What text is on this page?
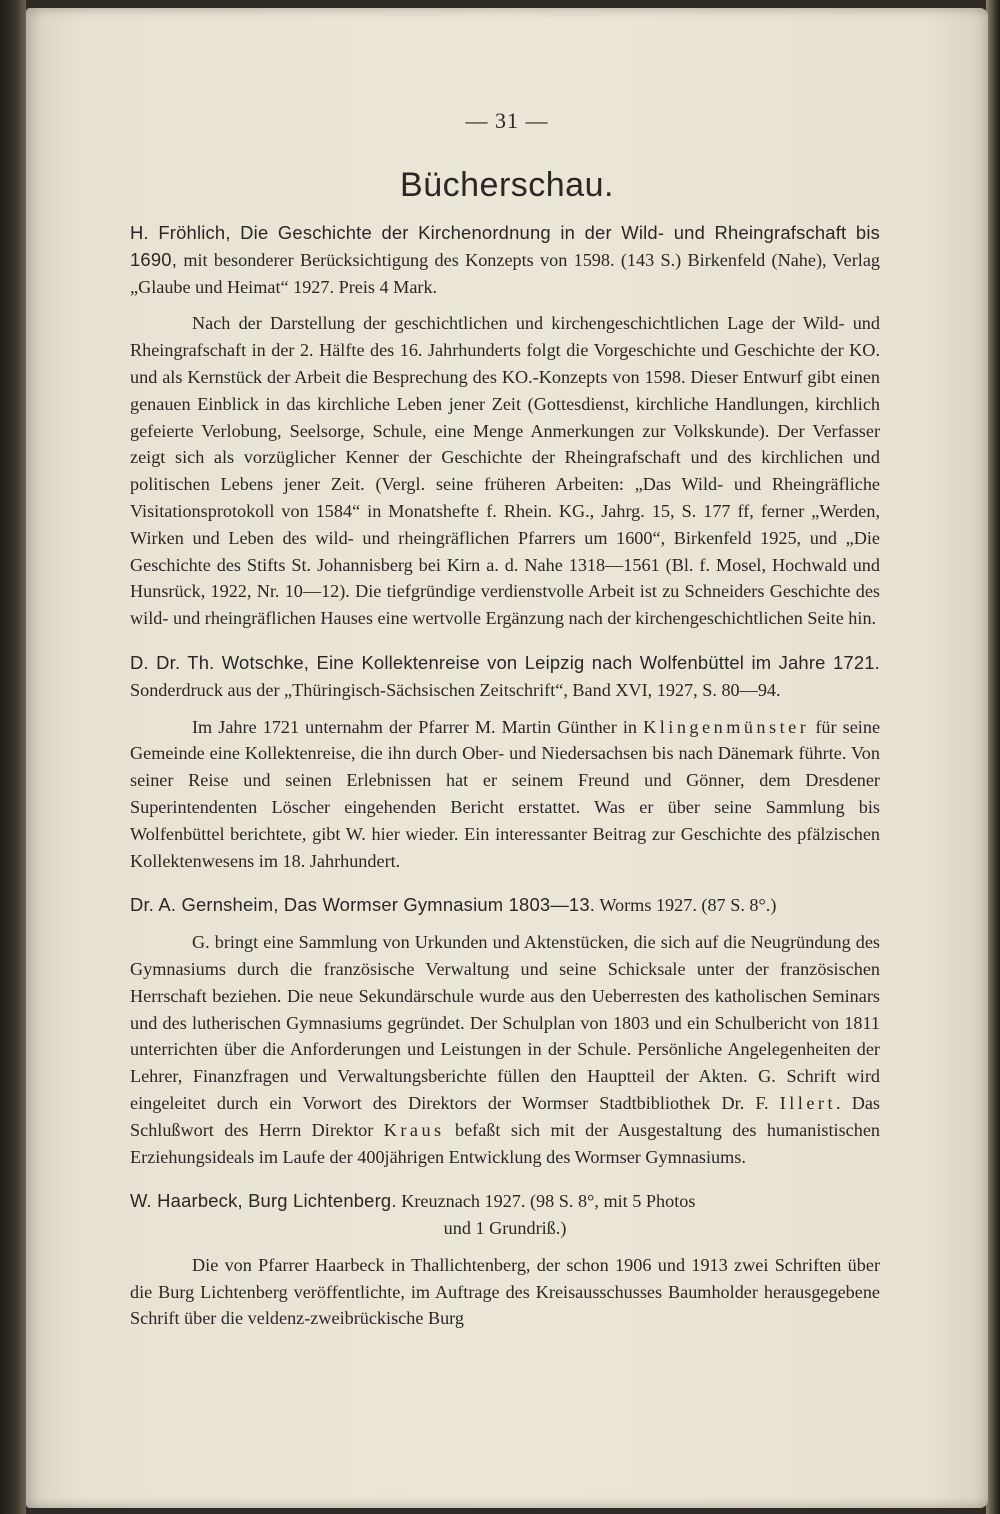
— 31 —
Bücherschau.

H. Fröhlich, Die Geschichte der Kirchenordnung in der Wild- und Rheingrafschaft bis 1690, mit besonderer Berücksichtigung des Konzepts von 1598. (143 S.) Birkenfeld (Nahe), Verlag „Glaube und Heimat“ 1927. Preis 4 Mark.

Nach der Darstellung der geschichtlichen und kirchengeschichtlichen Lage der Wild- und Rheingrafschaft in der 2. Hälfte des 16. Jahrhunderts folgt die Vorgeschichte und Geschichte der KO. und als Kernstück der Arbeit die Besprechung des KO.-Konzepts von 1598. Dieser Entwurf gibt einen genauen Einblick in das kirchliche Leben jener Zeit (Gottesdienst, kirchliche Handlungen, kirchlich gefeierte Verlobung, Seelsorge, Schule, eine Menge Anmerkungen zur Volkskunde). Der Verfasser zeigt sich als vorzüglicher Kenner der Geschichte der Rheingrafschaft und des kirchlichen und politischen Lebens jener Zeit. (Vergl. seine früheren Arbeiten: „Das Wild- und Rheingräfliche Visitationsprotokoll von 1584“ in Monatshefte f. Rhein. KG., Jahrg. 15, S. 177 ff, ferner „Werden, Wirken und Leben des wild- und rheingräflichen Pfarrers um 1600“, Birkenfeld 1925, und „Die Geschichte des Stifts St. Johannisberg bei Kirn a. d. Nahe 1318—1561 (Bl. f. Mosel, Hochwald und Hunsrück, 1922, Nr. 10—12). Die tiefgründige verdienstvolle Arbeit ist zu Schneiders Geschichte des wild- und rheingräflichen Hauses eine wertvolle Ergänzung nach der kirchengeschichtlichen Seite hin.

D. Dr. Th. Wotschke, Eine Kollektenreise von Leipzig nach Wolfenbüttel im Jahre 1721. Sonderdruck aus der „Thüringisch-Sächsischen Zeitschrift“, Band XVI, 1927, S. 80—94.

Im Jahre 1721 unternahm der Pfarrer M. Martin Günther in Klingenmünster für seine Gemeinde eine Kollektenreise, die ihn durch Ober- und Niedersachsen bis nach Dänemark führte. Von seiner Reise und seinen Erlebnissen hat er seinem Freund und Gönner, dem Dresdener Superintendenten Löscher eingehenden Bericht erstattet. Was er über seine Sammlung bis Wolfenbüttel berichtete, gibt W. hier wieder. Ein interessanter Beitrag zur Geschichte des pfälzischen Kollektenwesens im 18. Jahrhundert.

Dr. A. Gernsheim, Das Wormser Gymnasium 1803—13. Worms 1927. (87 S. 8°.)

G. bringt eine Sammlung von Urkunden und Aktenstücken, die sich auf die Neugründung des Gymnasiums durch die französische Verwaltung und seine Schicksale unter der französischen Herrschaft beziehen. Die neue Sekundärschule wurde aus den Ueberresten des katholischen Seminars und des lutherischen Gymnasiums gegründet. Der Schulplan von 1803 und ein Schulbericht von 1811 unterrichten über die Anforderungen und Leistungen in der Schule. Persönliche Angelegenheiten der Lehrer, Finanzfragen und Verwaltungsberichte füllen den Hauptteil der Akten. G. Schrift wird eingeleitet durch ein Vorwort des Direktors der Wormser Stadtbibliothek Dr. F. Illert. Das Schlußwort des Herrn Direktor Kraus befaßt sich mit der Ausgestaltung des humanistischen Erziehungsideals im Laufe der 400jährigen Entwicklung des Wormser Gymnasiums.

W. Haarbeck, Burg Lichtenberg. Kreuznach 1927. (98 S. 8°, mit 5 Photos
und 1 Grundriß.)

Die von Pfarrer Haarbeck in Thallichtenberg, der schon 1906 und 1913 zwei Schriften über die Burg Lichtenberg veröffentlichte, im Auftrage des Kreisausschusses Baumholder herausgegebene Schrift über die veldenz-zweibrückische Burg
